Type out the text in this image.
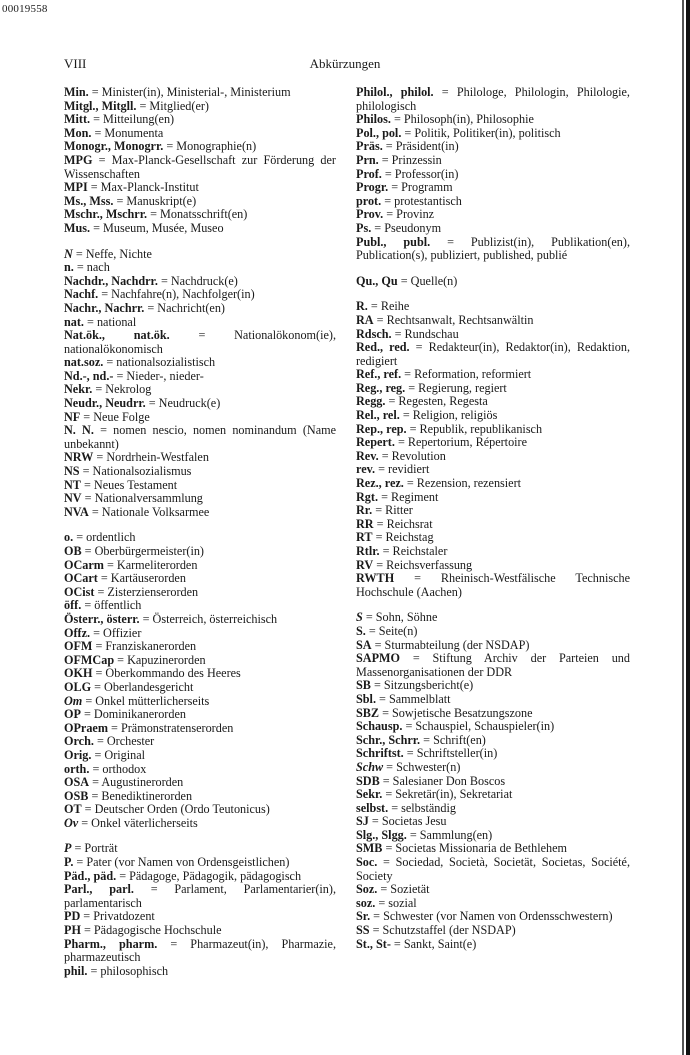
00019558
VIII	Abkürzungen

Min. = Minister(in), Ministerial-, Ministerium

Mitgl., Mitgll. = Mitglied(er)

Mitt. = Mitteilung(en)

Mon. = Monumenta

Monogr., Monogrr. = Monographie(n)

MPG = Max-Planck-Gesellschaft zur Förderung der Wissenschaften

MPI = Max-Planck-Institut

Ms., Mss. = Manuskript(e)

Mschr., Mschrr. = Monatsschrift(en)

Mus. = Museum, Musée, Museo

N = Neffe, Nichte

n. = nach

Nachdr., Nachdrr. = Nachdruck(e)

Nachf. = Nachfahre(n), Nachfolger(in)

Nachr., Nachrr. = Nachricht(en)

nat. = national

Nat.ök., nat.ök. = Nationalökonom(ie), nationalökonomisch

nat.soz. = nationalsozialistisch

Nd.-, nd.- = Nieder-, nieder-

Nekr. = Nekrolog

Neudr., Neudrr. = Neudruck(e)

NF = Neue Folge

N. N. = nomen nescio, nomen nominandum (Name unbekannt)

NRW = Nordrhein-Westfalen

NS = Nationalsozialismus

NT = Neues Testament

NV = Nationalversammlung

NVA = Nationale Volksarmee

o. = ordentlich

OB = Oberbürgermeister(in)

OCarm = Karmeliterorden

OCart = Kartäuserorden

OCist = Zisterzienserorden

öff. = öffentlich

Österr., österr. = Österreich, österreichisch

Offz. = Offizier

OFM = Franziskanerorden

OFMCap = Kapuzinerorden

OKH = Oberkommando des Heeres

OLG = Oberlandesgericht

Om = Onkel mütterlicherseits

OP = Dominikanerorden

OPraem = Prämonstratenserorden

Orch. = Orchester

Orig. = Original

orth. = orthodox

OSA = Augustinerorden

OSB = Benediktinerorden

OT = Deutscher Orden (Ordo Teutonicus)

Ov = Onkel väterlicherseits

P = Porträt

P. = Pater (vor Namen von Ordensgeistlichen)

Päd., päd. = Pädagoge, Pädagogik, pädagogisch

Parl., parl. = Parlament, Parlamentarier(in), parlamentarisch

PD = Privatdozent

PH = Pädagogische Hochschule

Pharm., pharm. = Pharmazeut(in), Pharmazie, pharmazeutisch

phil. = philosophisch

Philol., philol. = Philologe, Philologin, Philologie, philologisch

Philos. = Philosoph(in), Philosophie

Pol., pol. = Politik, Politiker(in), politisch

Präs. = Präsident(in)

Prn. = Prinzessin

Prof. = Professor(in)

Progr. = Programm

prot. = protestantisch

Prov. = Provinz

Ps. = Pseudonym

Publ., publ. = Publizist(in), Publikation(en), Publication(s), publiziert, published, publié

Qu., Qu = Quelle(n)

R. = Reihe

RA = Rechtsanwalt, Rechtsanwältin

Rdsch. = Rundschau

Red., red. = Redakteur(in), Redaktor(in), Redaktion, redigiert

Ref., ref. = Reformation, reformiert

Reg., reg. = Regierung, regiert

Regg. = Regesten, Regesta

Rel., rel. = Religion, religiös

Rep., rep. = Republik, republikanisch

Repert. = Repertorium, Répertoire

Rev. = Revolution

rev. = revidiert

Rez., rez. = Rezension, rezensiert

Rgt. = Regiment

Rr. = Ritter

RR = Reichsrat

RT = Reichstag

Rtlr. = Reichstaler

RV = Reichsverfassung

RWTH = Rheinisch-Westfälische Technische Hochschule (Aachen)

S = Sohn, Söhne

S. = Seite(n)

SA = Sturmabteilung (der NSDAP)

SAPMO = Stiftung Archiv der Parteien und Massenorganisationen der DDR

SB = Sitzungsbericht(e)

Sbl. = Sammelblatt

SBZ = Sowjetische Besatzungszone

Schausp. = Schauspiel, Schauspieler(in)

Schr., Schrr. = Schrift(en)

Schriftst. = Schriftsteller(in)

Schw = Schwester(n)

SDB = Salesianer Don Boscos

Sekr. = Sekretär(in), Sekretariat

selbst. = selbständig

SJ = Societas Jesu

Slg., Slgg. = Sammlung(en)

SMB = Societas Missionaria de Bethlehem

Soc. = Sociedad, Società, Societät, Societas, Société, Society

Soz. = Sozietät

soz. = sozial

Sr. = Schwester (vor Namen von Ordensschwestern)

SS = Schutzstaffel (der NSDAP)

St., St- = Sankt, Saint(e)
